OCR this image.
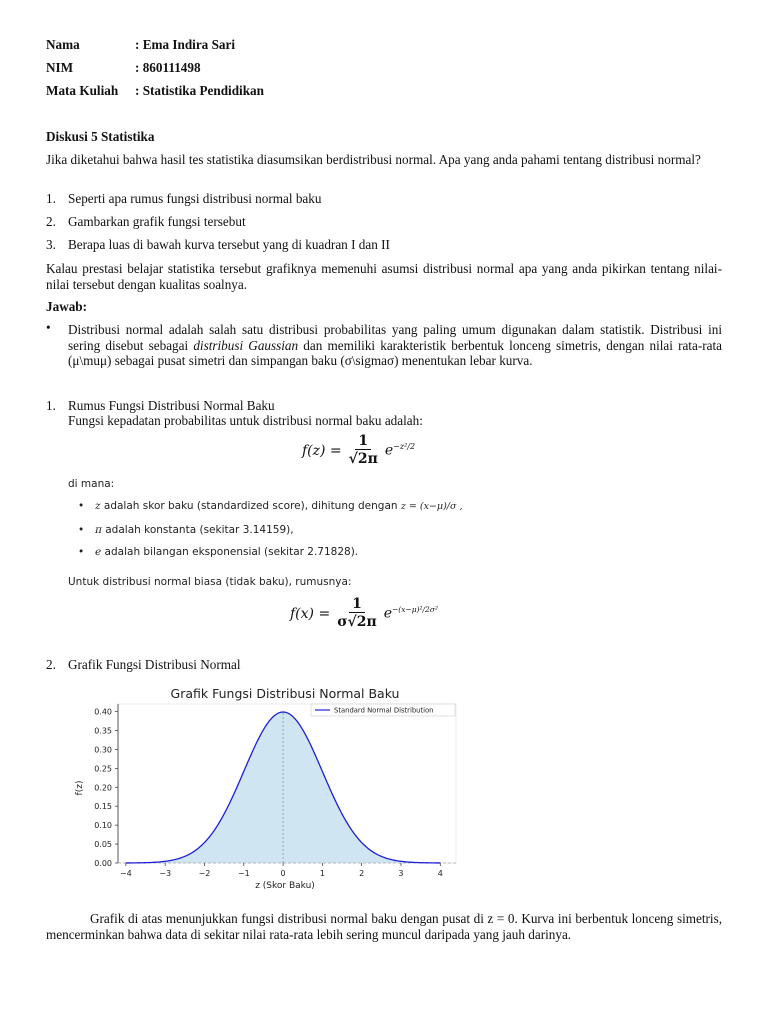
Nama	: Ema Indira Sari
NIM	: 860111498
Mata Kuliah : Statistika Pendidikan
Diskusi 5 Statistika
Jika diketahui bahwa hasil tes statistika diasumsikan berdistribusi normal. Apa yang anda pahami tentang distribusi normal?
1. Seperti apa rumus fungsi distribusi normal baku
2. Gambarkan grafik fungsi tersebut
3. Berapa luas di bawah kurva tersebut yang di kuadran I dan II
Kalau prestasi belajar statistika tersebut grafiknya memenuhi asumsi distribusi normal apa yang anda pikirkan tentang nilai-nilai tersebut dengan kualitas soalnya.
Jawab:
• Distribusi normal adalah salah satu distribusi probabilitas yang paling umum digunakan dalam statistik. Distribusi ini sering disebut sebagai distribusi Gaussian dan memiliki karakteristik berbentuk lonceng simetris, dengan nilai rata-rata (μ\muμ) sebagai pusat simetri dan simpangan baku (σ\sigmaσ) menentukan lebar kurva.
1. Rumus Fungsi Distribusi Normal Baku
Fungsi kepadatan probabilitas untuk distribusi normal baku adalah:
$f(z) = \frac{1}{√2\pi} e^{-z^2/2}$
di mana:
• z adalah skor baku (standardized score), dihitung dengan z = (x−μ)/σ ,
• π adalah konstanta (sekitar 3.14159),
• e adalah bilangan eksponensial (sekitar 2.71828).
Untuk distribusi normal biasa (tidak baku), rumusnya:
$f(x) = \frac{1}{\sigma√2\pi} e^{-(x-\mu)^2/2\sigma^2}$
2. Grafik Fungsi Distribusi Normal
Grafik Fungsi Distribusi Normal Baku
z (Skor Baku)
f(z)
0.00
0.05
0.10
0.15
0.20
0.25
0.30
0.35
0.40
−4	−3	−2	−1	0	1	2	3	4
Standard Normal Distribution
Grafik di atas menunjukkan fungsi distribusi normal baku dengan pusat di z = 0. Kurva ini berbentuk lonceng simetris, mencerminkan bahwa data di sekitar nilai rata-rata lebih sering muncul daripada yang jauh darinya.
